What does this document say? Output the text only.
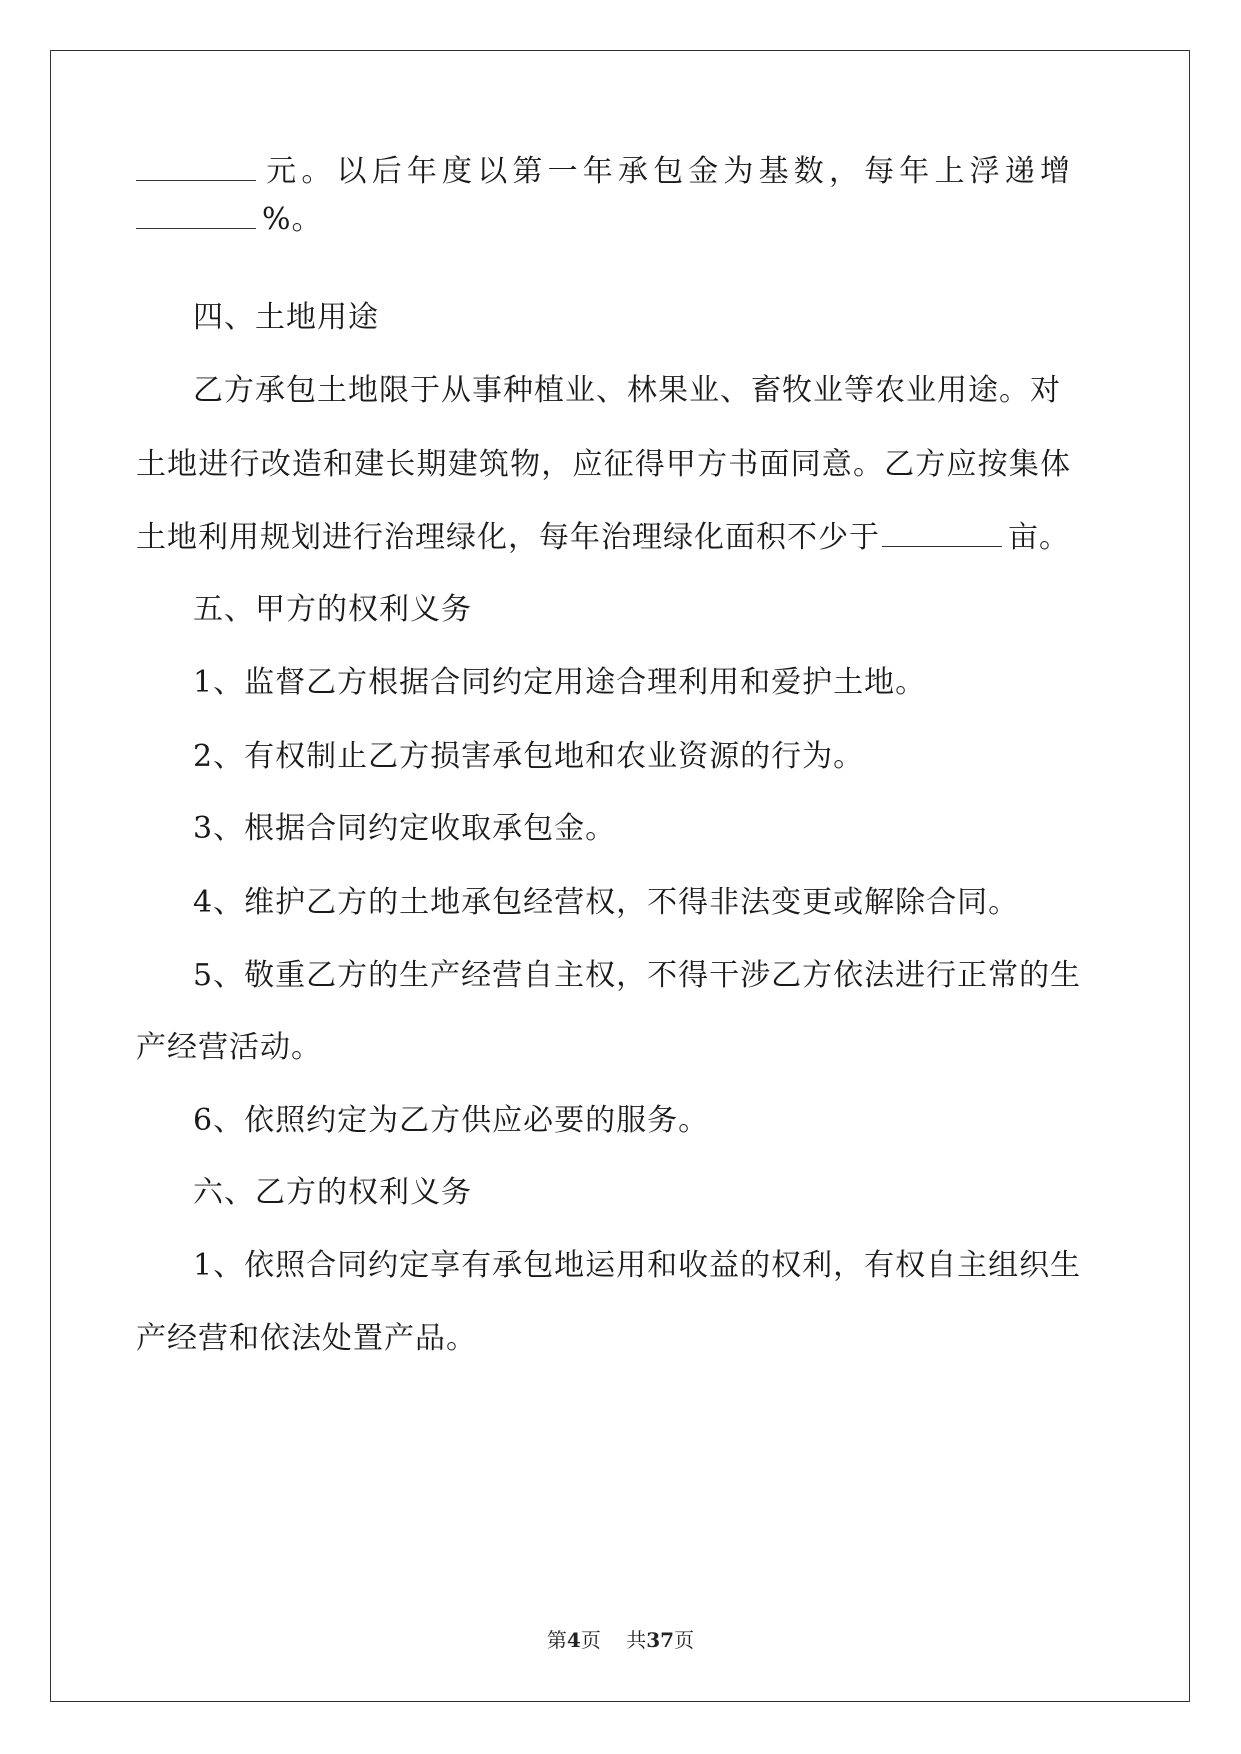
元。以后年度以第一年承包金为基数，每年上浮递增
%。
四、土地用途
乙方承包土地限于从事种植业、林果业、畜牧业等农业用途。对
土地进行改造和建长期建筑物，应征得甲方书面同意。乙方应按集体
土地利用规划进行治理绿化，每年治理绿化面积不少于	亩。
五、甲方的权利义务
1、监督乙方根据合同约定用途合理利用和爱护土地。
2、有权制止乙方损害承包地和农业资源的行为。
3、根据合同约定收取承包金。
4、维护乙方的土地承包经营权，不得非法变更或解除合同。
5、敬重乙方的生产经营自主权，不得干涉乙方依法进行正常的生
产经营活动。
6、依照约定为乙方供应必要的服务。
六、乙方的权利义务
1、依照合同约定享有承包地运用和收益的权利，有权自主组织生
产经营和依法处置产品。
第4页    共37页
